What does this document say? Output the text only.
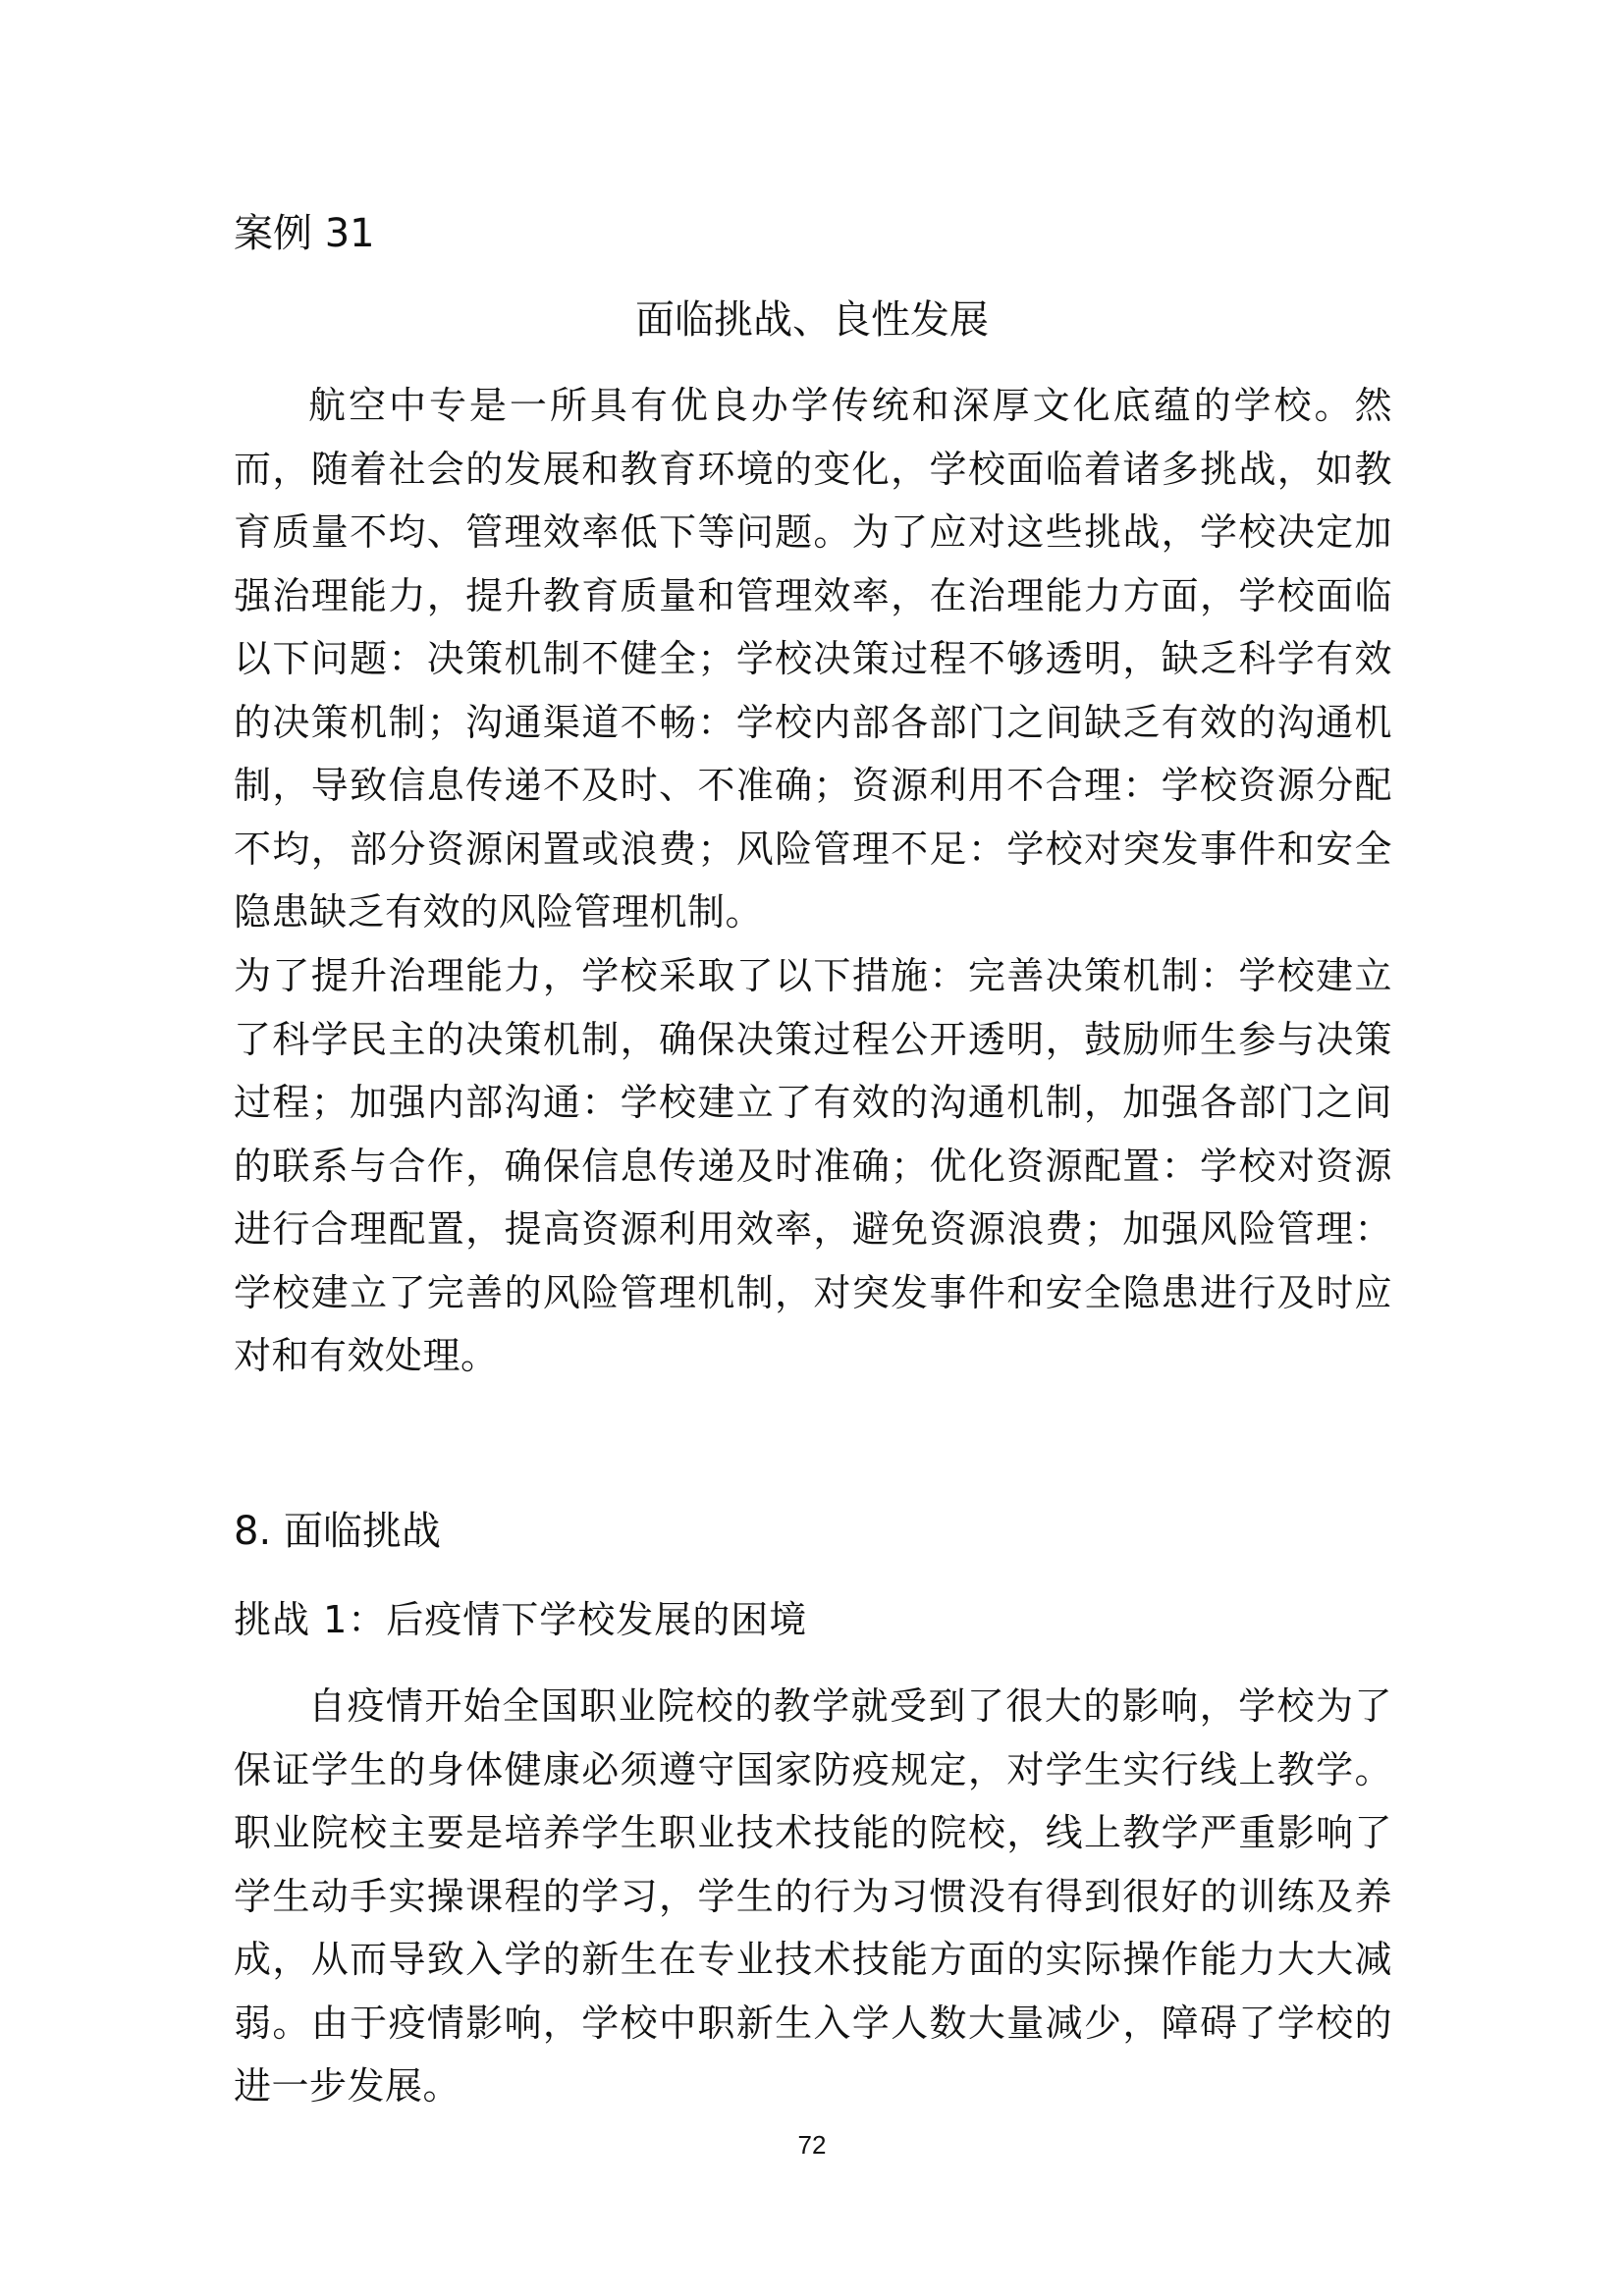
案例 31
面临挑战、良性发展

航空中专是一所具有优良办学传统和深厚文化底蕴的学校。然而，随着社会的发展和教育环境的变化，学校面临着诸多挑战，如教育质量不均、管理效率低下等问题。为了应对这些挑战，学校决定加强治理能力，提升教育质量和管理效率，在治理能力方面，学校面临以下问题：决策机制不健全；学校决策过程不够透明，缺乏科学有效的决策机制；沟通渠道不畅：学校内部各部门之间缺乏有效的沟通机制，导致信息传递不及时、不准确；资源利用不合理：学校资源分配不均，部分资源闲置或浪费；风险管理不足：学校对突发事件和安全隐患缺乏有效的风险管理机制。

为了提升治理能力，学校采取了以下措施：完善决策机制：学校建立了科学民主的决策机制，确保决策过程公开透明，鼓励师生参与决策过程；加强内部沟通：学校建立了有效的沟通机制，加强各部门之间的联系与合作，确保信息传递及时准确；优化资源配置：学校对资源进行合理配置，提高资源利用效率，避免资源浪费；加强风险管理：学校建立了完善的风险管理机制，对突发事件和安全隐患进行及时应对和有效处理。

8. 面临挑战
挑战 1：后疫情下学校发展的困境

自疫情开始全国职业院校的教学就受到了很大的影响，学校为了保证学生的身体健康必须遵守国家防疫规定，对学生实行线上教学。职业院校主要是培养学生职业技术技能的院校，线上教学严重影响了学生动手实操课程的学习，学生的行为习惯没有得到很好的训练及养成，从而导致入学的新生在专业技术技能方面的实际操作能力大大减弱。由于疫情影响，学校中职新生入学人数大量减少，障碍了学校的进一步发展。

72
